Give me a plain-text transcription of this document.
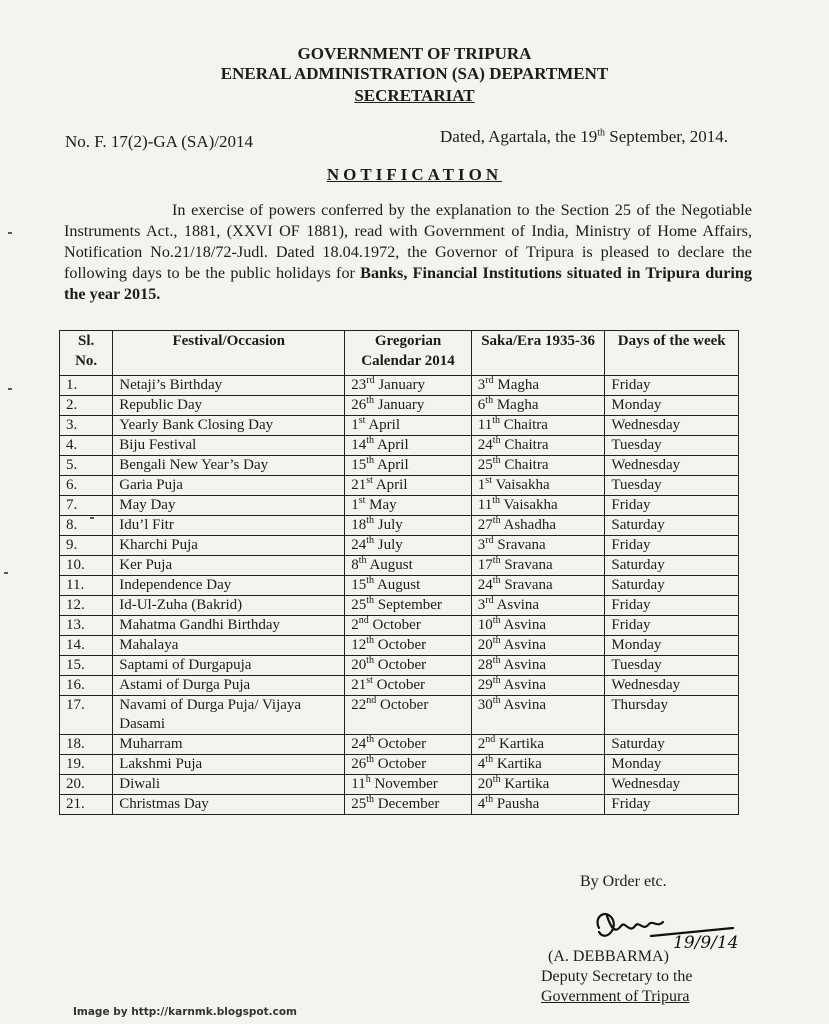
GOVERNMENT OF TRIPURA
ENERAL ADMINISTRATION (SA) DEPARTMENT
SECRETARIAT
No. F. 17(2)-GA (SA)/2014	Dated, Agartala, the 19th September, 2014.
NOTIFICATION
In exercise of powers conferred by the explanation to the Section 25 of the Negotiable Instruments Act., 1881, (XXVI OF 1881), read with Government of India, Ministry of Home Affairs, Notification No.21/18/72-Judl. Dated 18.04.1972, the Governor of Tripura is pleased to declare the following days to be the public holidays for Banks, Financial Institutions situated in Tripura during the year 2015.
Sl. No.	Festival/Occasion	Gregorian Calendar 2014	Saka/Era 1935-36	Days of the week
1.	Netaji’s Birthday	23rd January	3rd Magha	Friday
2.	Republic Day	26th January	6th Magha	Monday
3.	Yearly Bank Closing Day	1st April	11th Chaitra	Wednesday
4.	Biju Festival	14th April	24th Chaitra	Tuesday
5.	Bengali New Year’s Day	15th April	25th Chaitra	Wednesday
6.	Garia Puja	21st April	1st Vaisakha	Tuesday
7.	May Day	1st May	11th Vaisakha	Friday
8.	Idu’l Fitr	18th July	27th Ashadha	Saturday
9.	Kharchi Puja	24th July	3rd Sravana	Friday
10.	Ker Puja	8th August	17th Sravana	Saturday
11.	Independence Day	15th August	24th Sravana	Saturday
12.	Id-Ul-Zuha (Bakrid)	25th September	3rd Asvina	Friday
13.	Mahatma Gandhi Birthday	2nd October	10th Asvina	Friday
14.	Mahalaya	12th October	20th Asvina	Monday
15.	Saptami of Durgapuja	20th October	28th Asvina	Tuesday
16.	Astami of Durga Puja	21st October	29th Asvina	Wednesday
17.	Navami of Durga Puja/ Vijaya Dasami	22nd October	30th Asvina	Thursday
18.	Muharram	24th October	2nd Kartika	Saturday
19.	Lakshmi Puja	26th October	4th Kartika	Monday
20.	Diwali	11$^h$ November	20th Kartika	Wednesday
21.	Christmas Day	25th December	4th Pausha	Friday
By Order etc.
19/9/14
(A. DEBBARMA)
Deputy Secretary to the
Government of Tripura
Image by http://karnmk.blogspot.com
